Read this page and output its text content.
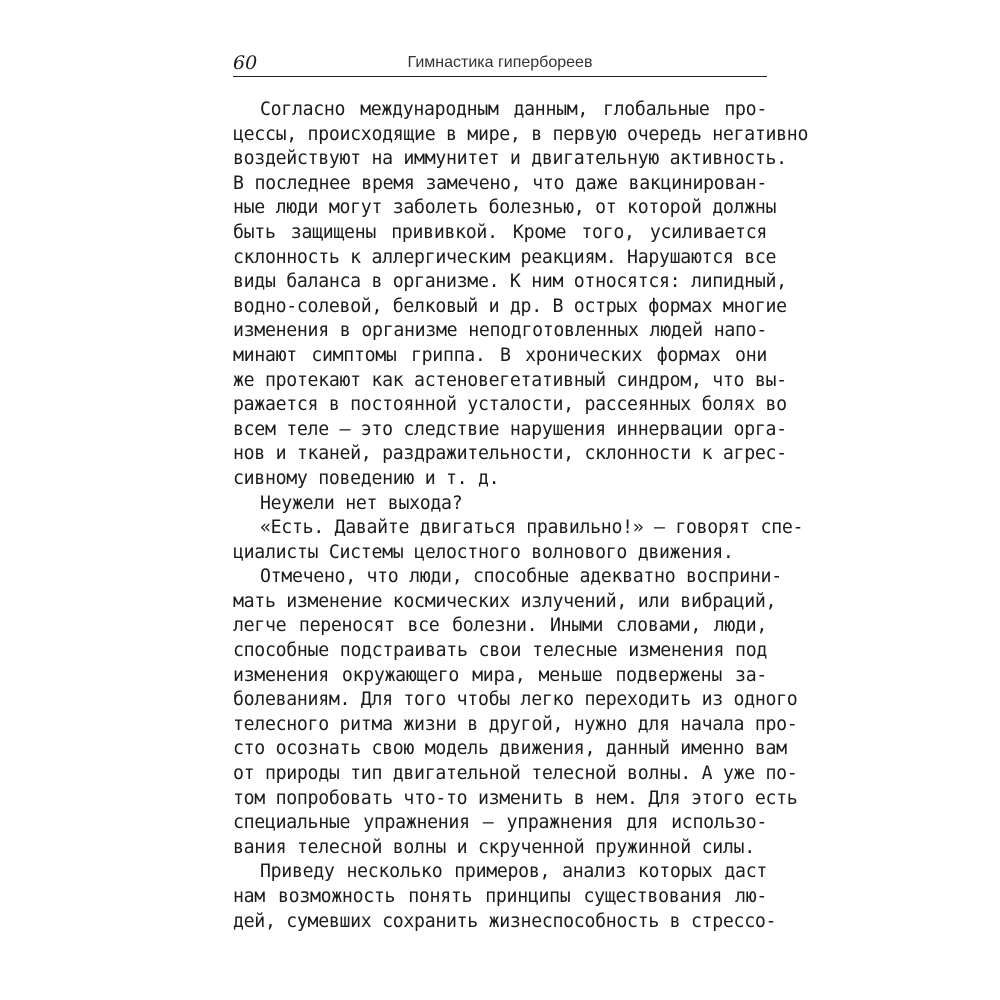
60	Гимнастика гипербореев
Согласно международным данным, глобальные про-
цессы, происходящие в мире, в первую очередь негативно
воздействуют на иммунитет и двигательную активность.
В последнее время замечено, что даже вакцинирован-
ные люди могут заболеть болезнью, от которой должны
быть защищены прививкой. Кроме того, усиливается
склонность к аллергическим реакциям. Нарушаются все
виды баланса в организме. К ним относятся: липидный,
водно-солевой, белковый и др. В острых формах многие
изменения в организме неподготовленных людей напо-
минают симптомы гриппа. В хронических формах они
же протекают как астеновегетативный синдром, что вы-
ражается в постоянной усталости, рассеянных болях во
всем теле — это следствие нарушения иннервации орга-
нов и тканей, раздражительности, склонности к агрес-
сивному поведению и т. д.
Неужели нет выхода?
«Есть. Давайте двигаться правильно!» — говорят спе-
циалисты Системы целостного волнового движения.
Отмечено, что люди, способные адекватно восприни-
мать изменение космических излучений, или вибраций,
легче переносят все болезни. Иными словами, люди,
способные подстраивать свои телесные изменения под
изменения окружающего мира, меньше подвержены за-
болеваниям. Для того чтобы легко переходить из одного
телесного ритма жизни в другой, нужно для начала про-
сто осознать свою модель движения, данный именно вам
от природы тип двигательной телесной волны. А уже по-
том попробовать что-то изменить в нем. Для этого есть
специальные упражнения — упражнения для использо-
вания телесной волны и скрученной пружинной силы.
Приведу несколько примеров, анализ которых даст
нам возможность понять принципы существования лю-
дей, сумевших сохранить жизнеспособность в стрессо-
